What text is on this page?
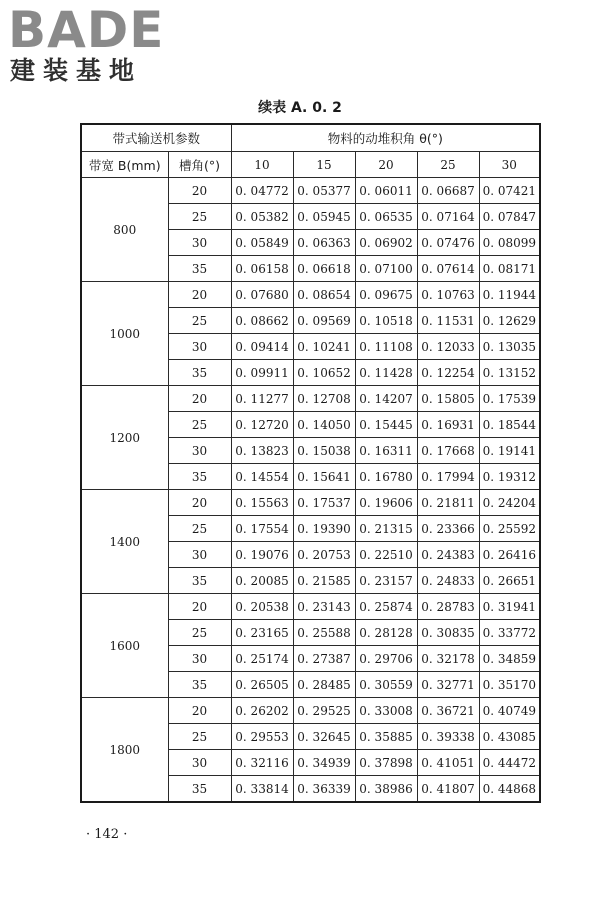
BADE
建装基地
续表 A. 0. 2
带式输送机参数		物料的动堆积角 θ(°)				
带宽 B(mm)	槽角(°)	10	15	20	25	30
800	20	0. 04772	0. 05377	0. 06011	0. 06687	0. 07421
	25	0. 05382	0. 05945	0. 06535	0. 07164	0. 07847
	30	0. 05849	0. 06363	0. 06902	0. 07476	0. 08099
	35	0. 06158	0. 06618	0. 07100	0. 07614	0. 08171
1000	20	0. 07680	0. 08654	0. 09675	0. 10763	0. 11944
	25	0. 08662	0. 09569	0. 10518	0. 11531	0. 12629
	30	0. 09414	0. 10241	0. 11108	0. 12033	0. 13035
	35	0. 09911	0. 10652	0. 11428	0. 12254	0. 13152
1200	20	0. 11277	0. 12708	0. 14207	0. 15805	0. 17539
	25	0. 12720	0. 14050	0. 15445	0. 16931	0. 18544
	30	0. 13823	0. 15038	0. 16311	0. 17668	0. 19141
	35	0. 14554	0. 15641	0. 16780	0. 17994	0. 19312
1400	20	0. 15563	0. 17537	0. 19606	0. 21811	0. 24204
	25	0. 17554	0. 19390	0. 21315	0. 23366	0. 25592
	30	0. 19076	0. 20753	0. 22510	0. 24383	0. 26416
	35	0. 20085	0. 21585	0. 23157	0. 24833	0. 26651
1600	20	0. 20538	0. 23143	0. 25874	0. 28783	0. 31941
	25	0. 23165	0. 25588	0. 28128	0. 30835	0. 33772
	30	0. 25174	0. 27387	0. 29706	0. 32178	0. 34859
	35	0. 26505	0. 28485	0. 30559	0. 32771	0. 35170
1800	20	0. 26202	0. 29525	0. 33008	0. 36721	0. 40749
	25	0. 29553	0. 32645	0. 35885	0. 39338	0. 43085
	30	0. 32116	0. 34939	0. 37898	0. 41051	0. 44472
	35	0. 33814	0. 36339	0. 38986	0. 41807	0. 44868
· 142 ·
